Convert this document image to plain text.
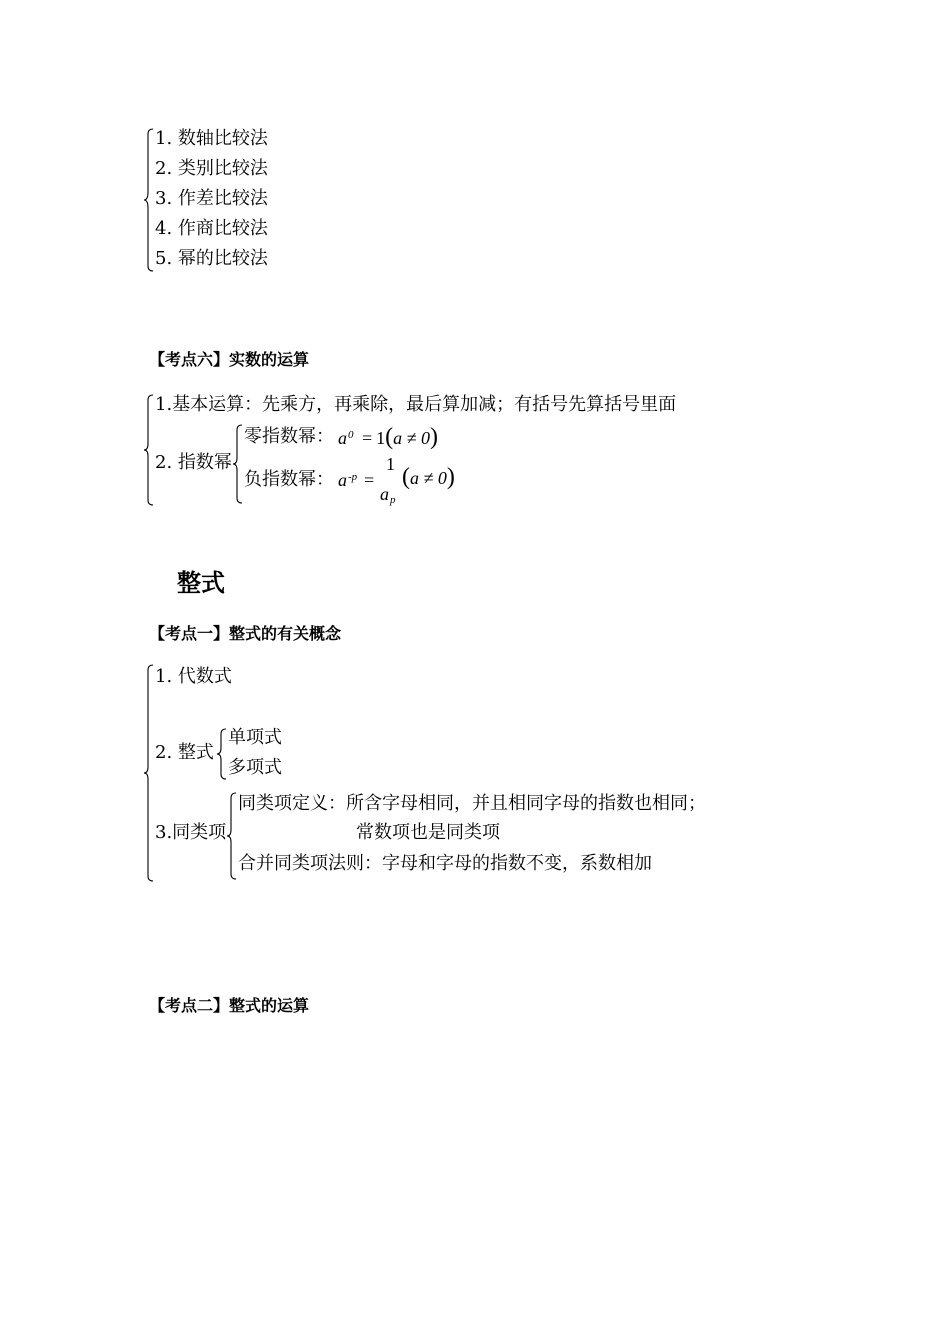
1. 数轴比较法
2. 类别比较法
3. 作差比较法
4. 作商比较法
5. 幂的比较法
【考点六】实数的运算
1.基本运算：先乘方，再乘除，最后算加减；有括号先算括号里面
2. 指数幂
零指数幂： $a^0 = 1(a \ne 0)$
负指数幂： $a^{-p}$ =
1
ap
(a ≠ 0)
整式
【考点一】整式的有关概念
1. 代数式
2. 整式
单项式
多项式
3.同类项
同类项定义：所含字母相同，并且相同字母的指数也相同；
常数项也是同类项
合并同类项法则：字母和字母的指数不变，系数相加
【考点二】整式的运算
